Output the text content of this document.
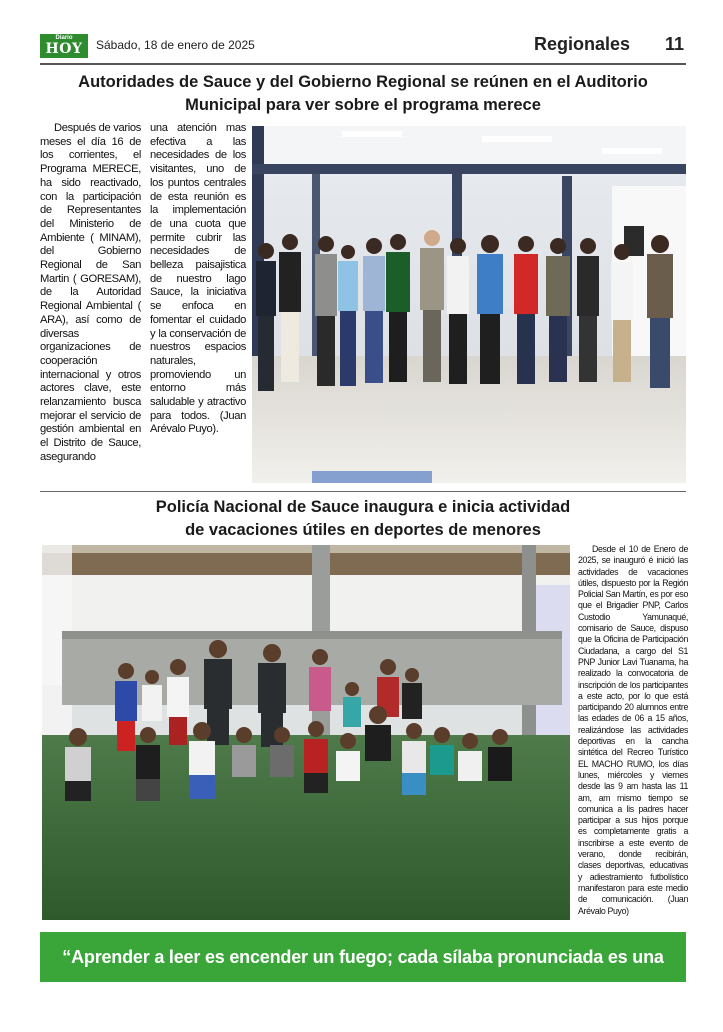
Diario
HOY	Sábado, 18 de enero de 2025	Regionales 11
Autoridades de Sauce y del Gobierno Regional se reúnen en el Auditorio
Municipal para ver sobre el programa merece

Después de varios meses el día 16 de los corrientes, el Programa MERECE, ha sido reactivado, con la participación de Representantes del Ministerio de Ambiente ( MINAM), del Gobierno Regional de San Martin ( GORESAM), de la Autoridad Regional Ambiental ( ARA), así como de diversas organizaciones de cooperación internacional y otros actores clave, este relanzamiento busca mejorar el servicio de gestión ambiental en el Distrito de Sauce, asegurando

una atención mas efectiva a las necesidades de los visitantes, uno de los puntos centrales de esta reunión es la implementación de una cuota que permite cubrir las necesidades de belleza paisajistica de nuestro lago Sauce, la iniciativa se enfoca en fomentar el cuidado y la conservación de nuestros espacios naturales, promoviendo un entorno más saludable y atractivo para todos. (Juan Arévalo Puyo).

Policía Nacional de Sauce inaugura e inicia actividad
de vacaciones útiles en deportes de menores

Desde el 10 de Enero de 2025, se inauguró é inició las actividades de vacaciones útiles, dispuesto por la Región Policial San Martín, es por eso que el Brigadier PNP, Carlos Custodio Yamunaqué, comisario de Sauce, dispuso que la Oficina de Participación Ciudadana, a cargo del S1 PNP Junior Lavi Tuanama, ha realizado la convocatoria de inscripción de los participantes a este acto, por lo que está participando 20 alumnos entre las edades de 06 a 15 años, realizándose las actividades deportivas en la cancha sintética del Recreo Turístico EL MACHO RUMO, los días lunes, miércoles y viernes desde las 9 am hasta las 11 am, am mismo tiempo se comunica a lis padres hacer participar a sus hijos porque es completamente gratis a inscribirse a este evento de verano, donde recibirán, clases deportivas, educativas y adiestramiento futbolístico manifestaron para este medio de comunicación. (Juan Arévalo Puyo)

“Aprender a leer es encender un fuego; cada sílaba pronunciada es una chispa”.
